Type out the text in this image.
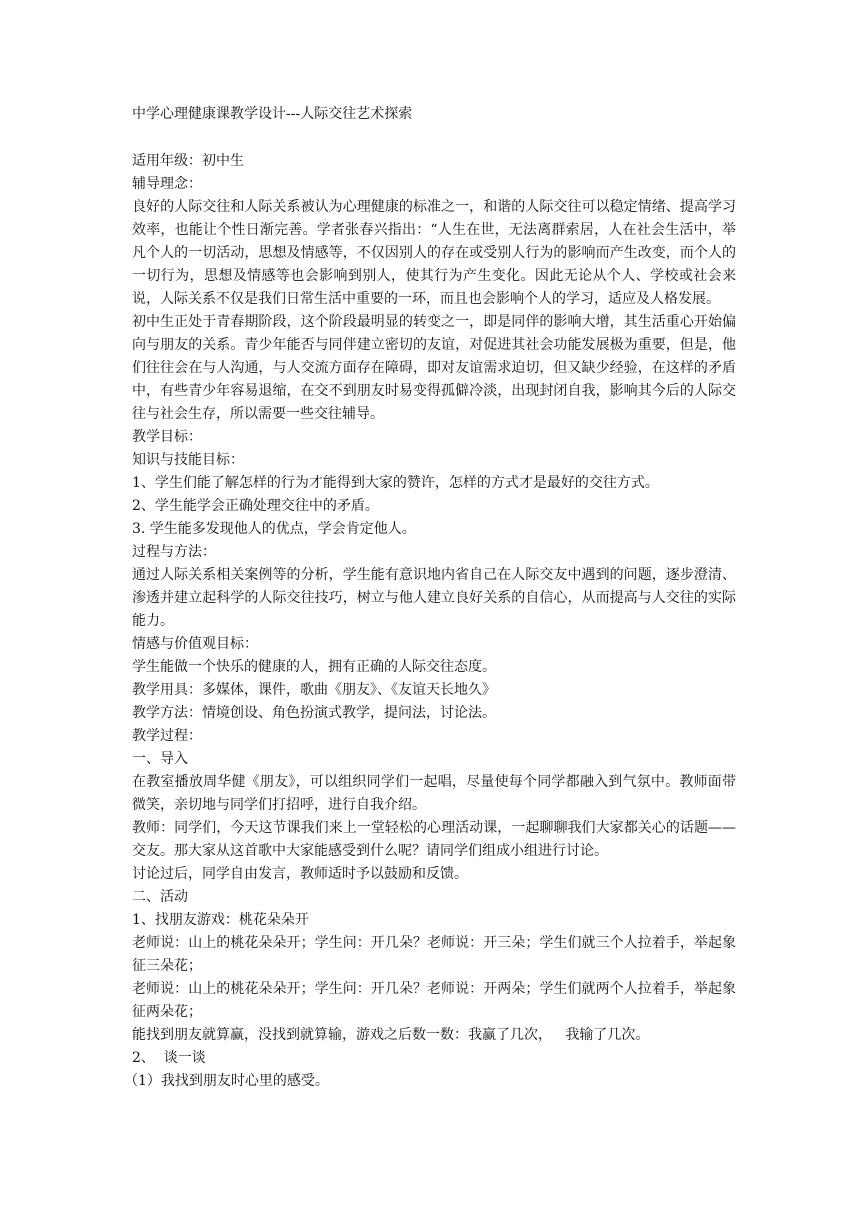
中学心理健康课教学设计---人际交往艺术探索

适用年级：初中生

辅导理念：

良好的人际交往和人际关系被认为心理健康的标准之一，和谐的人际交往可以稳定情绪、提高学习效率，也能让个性日渐完善。学者张春兴指出：“人生在世，无法离群索居，人在社会生活中，举凡个人的一切活动，思想及情感等，不仅因别人的存在或受别人行为的影响而产生改变，而个人的一切行为，思想及情感等也会影响到别人，使其行为产生变化。因此无论从个人、学校或社会来说，人际关系不仅是我们日常生活中重要的一环，而且也会影响个人的学习，适应及人格发展。

初中生正处于青春期阶段，这个阶段最明显的转变之一，即是同伴的影响大增，其生活重心开始偏向与朋友的关系。青少年能否与同伴建立密切的友谊，对促进其社会功能发展极为重要，但是，他们往往会在与人沟通，与人交流方面存在障碍，即对友谊需求迫切，但又缺少经验，在这样的矛盾中，有些青少年容易退缩，在交不到朋友时易变得孤僻冷淡，出现封闭自我，影响其今后的人际交往与社会生存，所以需要一些交往辅导。

教学目标：

知识与技能目标：

1、学生们能了解怎样的行为才能得到大家的赞许，怎样的方式才是最好的交往方式。

2、学生能学会正确处理交往中的矛盾。

3. 学生能多发现他人的优点，学会肯定他人。

过程与方法：

通过人际关系相关案例等的分析，学生能有意识地内省自己在人际交友中遇到的问题，逐步澄清、渗透并建立起科学的人际交往技巧，树立与他人建立良好关系的自信心，从而提高与人交往的实际能力。

情感与价值观目标：

学生能做一个快乐的健康的人，拥有正确的人际交往态度。

教学用具：多媒体，课件，歌曲《朋友》、《友谊天长地久》

教学方法：情境创设、角色扮演式教学，提问法，讨论法。

教学过程：

一、导入

在教室播放周华健《朋友》，可以组织同学们一起唱，尽量使每个同学都融入到气氛中。教师面带微笑，亲切地与同学们打招呼，进行自我介绍。

教师：同学们，今天这节课我们来上一堂轻松的心理活动课，一起聊聊我们大家都关心的话题——交友。那大家从这首歌中大家能感受到什么呢？请同学们组成小组进行讨论。

讨论过后，同学自由发言，教师适时予以鼓励和反馈。

二、活动

1、找朋友游戏：桃花朵朵开

老师说：山上的桃花朵朵开；学生问：开几朵？老师说：开三朵；学生们就三个人拉着手，举起象征三朵花；

老师说：山上的桃花朵朵开；学生问：开几朵？老师说：开两朵；学生们就两个人拉着手，举起象征两朵花；

能找到朋友就算赢，没找到就算输，游戏之后数一数：我赢了几次，   我输了几次。

2、  谈一谈

（1）我找到朋友时心里的感受。
